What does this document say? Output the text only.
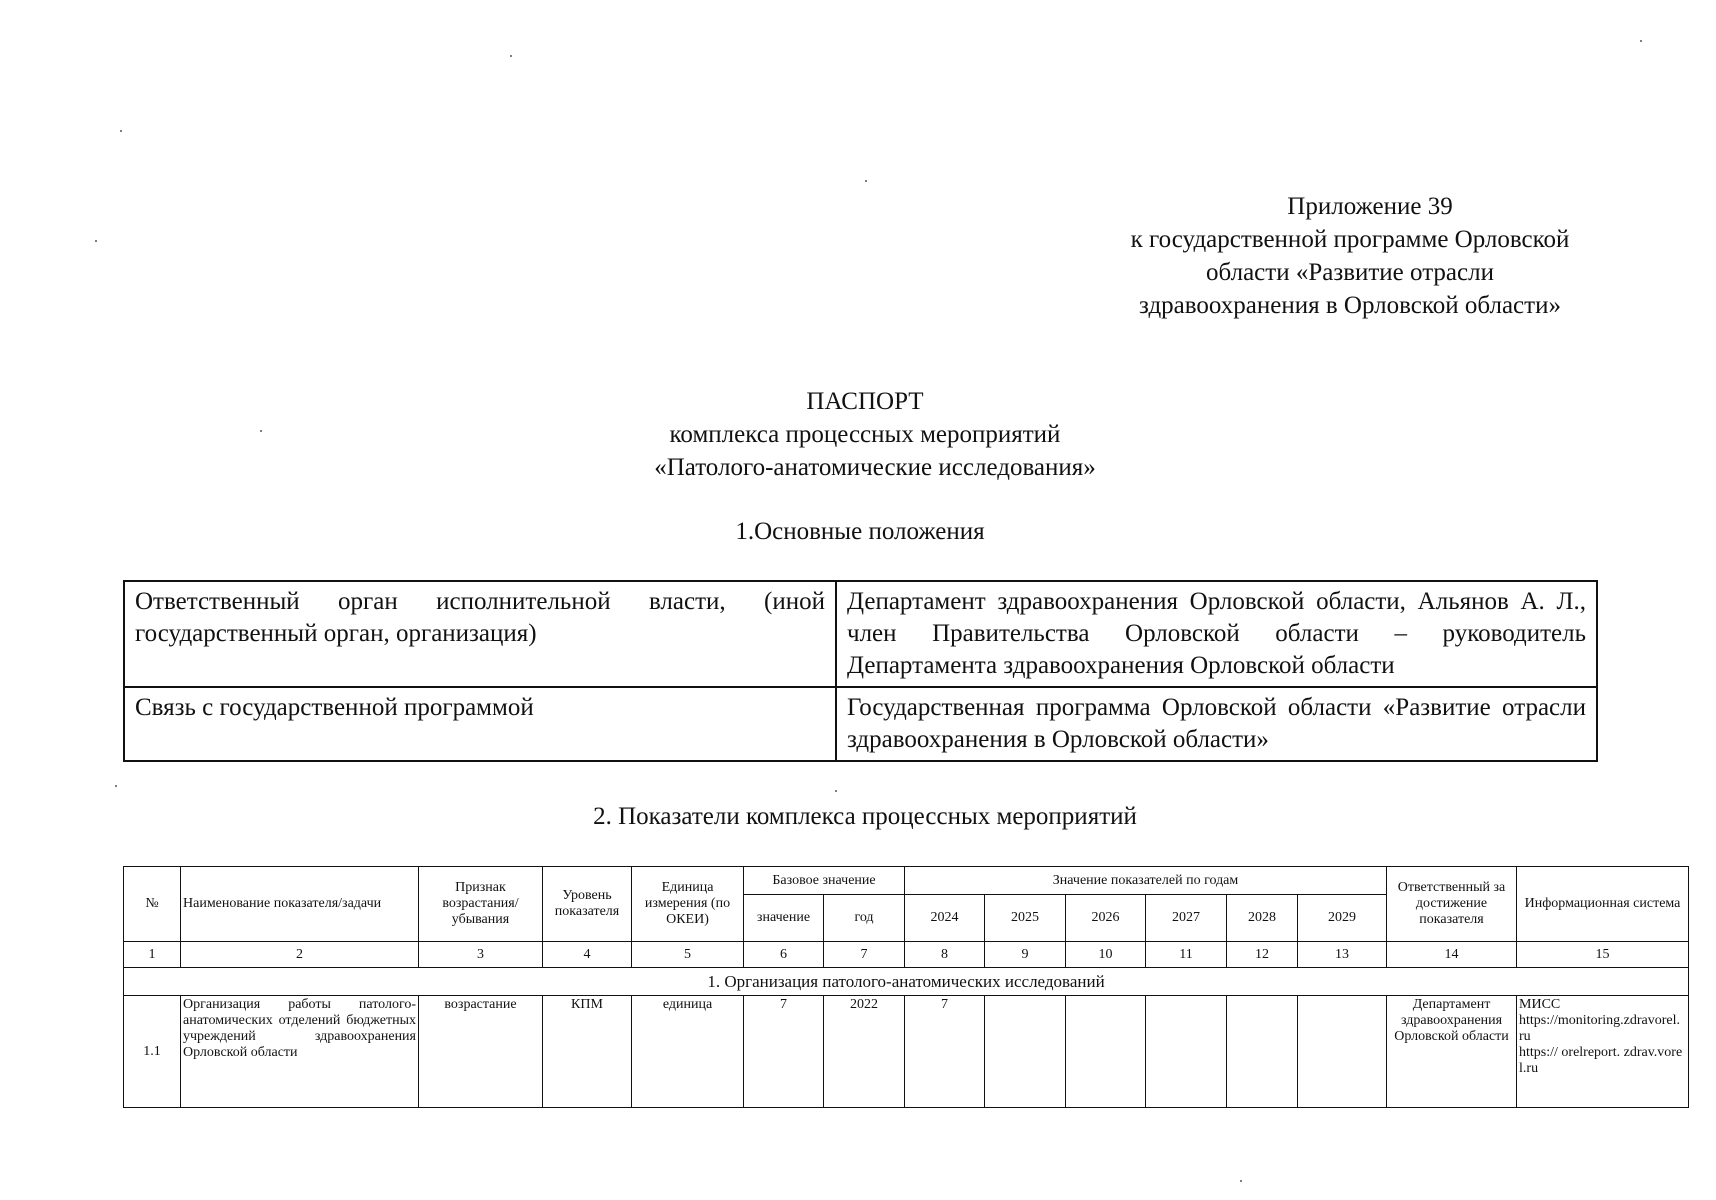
Приложение 39
к государственной программе Орловской
области «Развитие отрасли
здравоохранения в Орловской области»
ПАСПОРТ
комплекса процессных мероприятий
«Патолого-анатомические исследования»
1.Основные положения
Ответственный орган исполнительной власти, (иной государственный орган, организация)	Департамент здравоохранения Орловской области, Альянов А. Л., член Правительства Орловской области – руководитель Департамента здравоохранения Орловской области
Связь с государственной программой	Государственная программа Орловской области «Развитие отрасли здравоохранения в Орловской области»
2. Показатели комплекса процессных мероприятий
№	Наименование показателя/задачи	Признак возрастания/ убывания	Уровень показателя	Единица измерения (по ОКЕИ)	Базовое значение		Значение показателей по годам						Ответственный за достижение показателя	Информационная система
					значение	год	2024	2025	2026	2027	2028	2029		
1	2	3	4	5	6	7	8	9	10	11	12	13	14	15
1. Организация патолого-анатомических исследований														
1.1	Организация работы патолого-анатомических отделений бюджетных учреждений здравоохранения Орловской области	возрастание	КПМ	единица	7	2022	7						Департамент здравоохранения Орловской области	МИСС
https://monitoring.zdravorel.
ru
https:// orelreport. zdrav.vorel.ru
